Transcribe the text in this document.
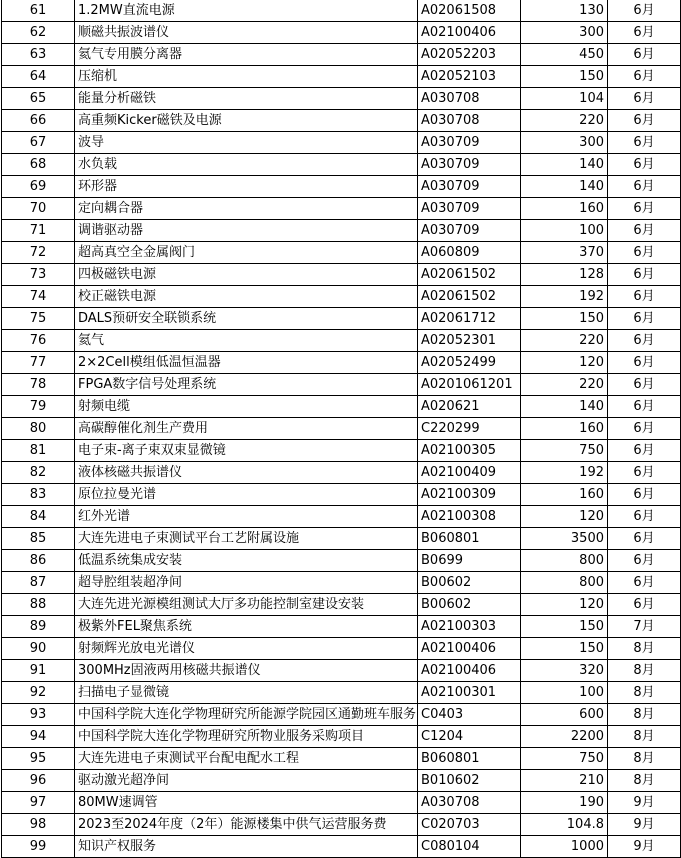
61	1.2MW直流电源	A02061508	130	6月
62	顺磁共振波谱仪	A02100406	300	6月
63	氦气专用膜分离器	A02052203	450	6月
64	压缩机	A02052103	150	6月
65	能量分析磁铁	A030708	104	6月
66	高重频Kicker磁铁及电源	A030708	220	6月
67	波导	A030709	300	6月
68	水负载	A030709	140	6月
69	环形器	A030709	140	6月
70	定向耦合器	A030709	160	6月
71	调谐驱动器	A030709	100	6月
72	超高真空全金属阀门	A060809	370	6月
73	四极磁铁电源	A02061502	128	6月
74	校正磁铁电源	A02061502	192	6月
75	DALS预研安全联锁系统	A02061712	150	6月
76	氦气	A02052301	220	6月
77	2×2Cell模组低温恒温器	A02052499	120	6月
78	FPGA数字信号处理系统	A0201061201	220	6月
79	射频电缆	A020621	140	6月
80	高碳醇催化剂生产费用	C220299	160	6月
81	电子束-离子束双束显微镜	A02100305	750	6月
82	液体核磁共振谱仪	A02100409	192	6月
83	原位拉曼光谱	A02100309	160	6月
84	红外光谱	A02100308	120	6月
85	大连先进电子束测试平台工艺附属设施	B060801	3500	6月
86	低温系统集成安装	B0699	800	6月
87	超导腔组装超净间	B00602	800	6月
88	大连先进光源模组测试大厅多功能控制室建设安装	B00602	120	6月
89	极紫外FEL聚焦系统	A02100303	150	7月
90	射频辉光放电光谱仪	A02100406	150	8月
91	300MHz固液两用核磁共振谱仪	A02100406	320	8月
92	扫描电子显微镜	A02100301	100	8月
93	中国科学院大连化学物理研究所能源学院园区通勤班车服务	C0403	600	8月
94	中国科学院大连化学物理研究所物业服务采购项目	C1204	2200	8月
95	大连先进电子束测试平台配电配水工程	B060801	750	8月
96	驱动激光超净间	B010602	210	8月
97	80MW速调管	A030708	190	9月
98	2023至2024年度（2年）能源楼集中供气运营服务费	C020703	104.8	9月
99	知识产权服务	C080104	1000	9月
